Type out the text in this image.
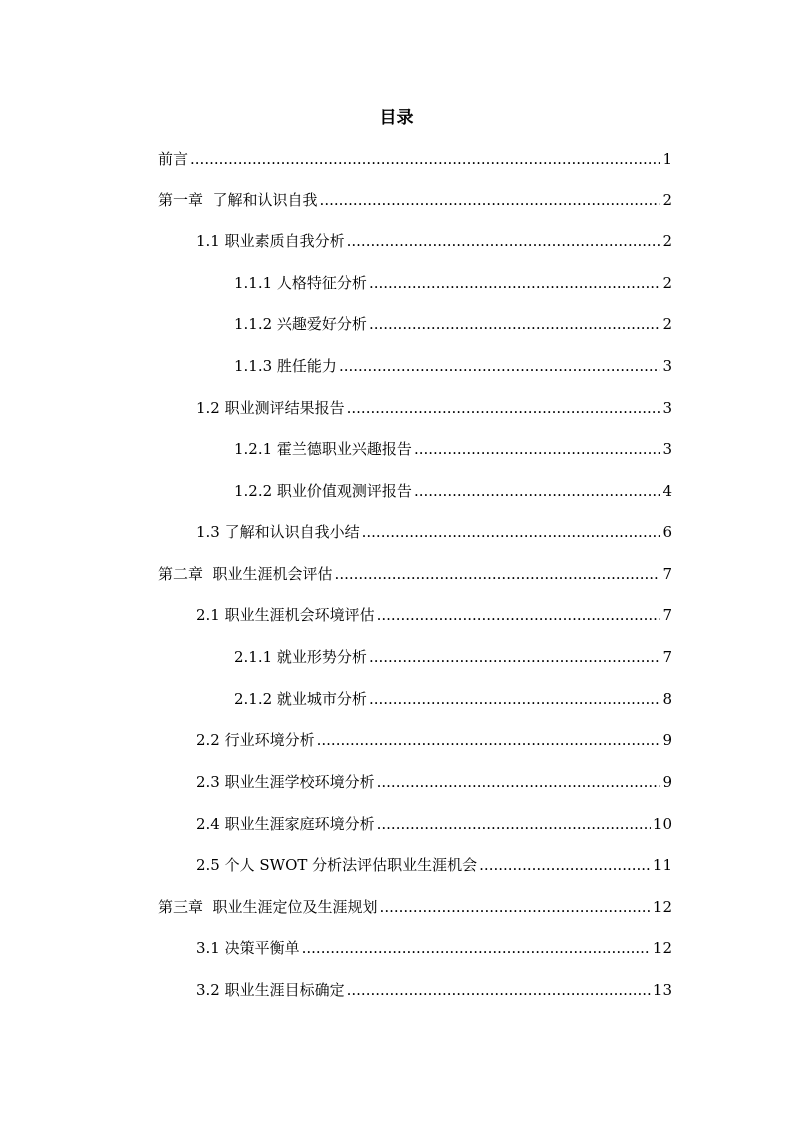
目录
前言 .....	1
第一章  了解和认识自我 .....	2
1.1 职业素质自我分析 .....	2
1.1.1 人格特征分析 .....	2
1.1.2 兴趣爱好分析 .....	2
1.1.3 胜任能力 .....	3
1.2 职业测评结果报告 .....	3
1.2.1 霍兰德职业兴趣报告 .....	3
1.2.2 职业价值观测评报告 .....	4
1.3 了解和认识自我小结 .....	6
第二章  职业生涯机会评估 .....	7
2.1 职业生涯机会环境评估 .....	7
2.1.1 就业形势分析 .....	7
2.1.2 就业城市分析 .....	8
2.2 行业环境分析 .....	9
2.3 职业生涯学校环境分析 .....	9
2.4 职业生涯家庭环境分析 .....	10
2.5 个人 SWOT 分析法评估职业生涯机会 .....	11
第三章  职业生涯定位及生涯规划 .....	12
3.1 决策平衡单 .....	12
3.2 职业生涯目标确定 .....	13
